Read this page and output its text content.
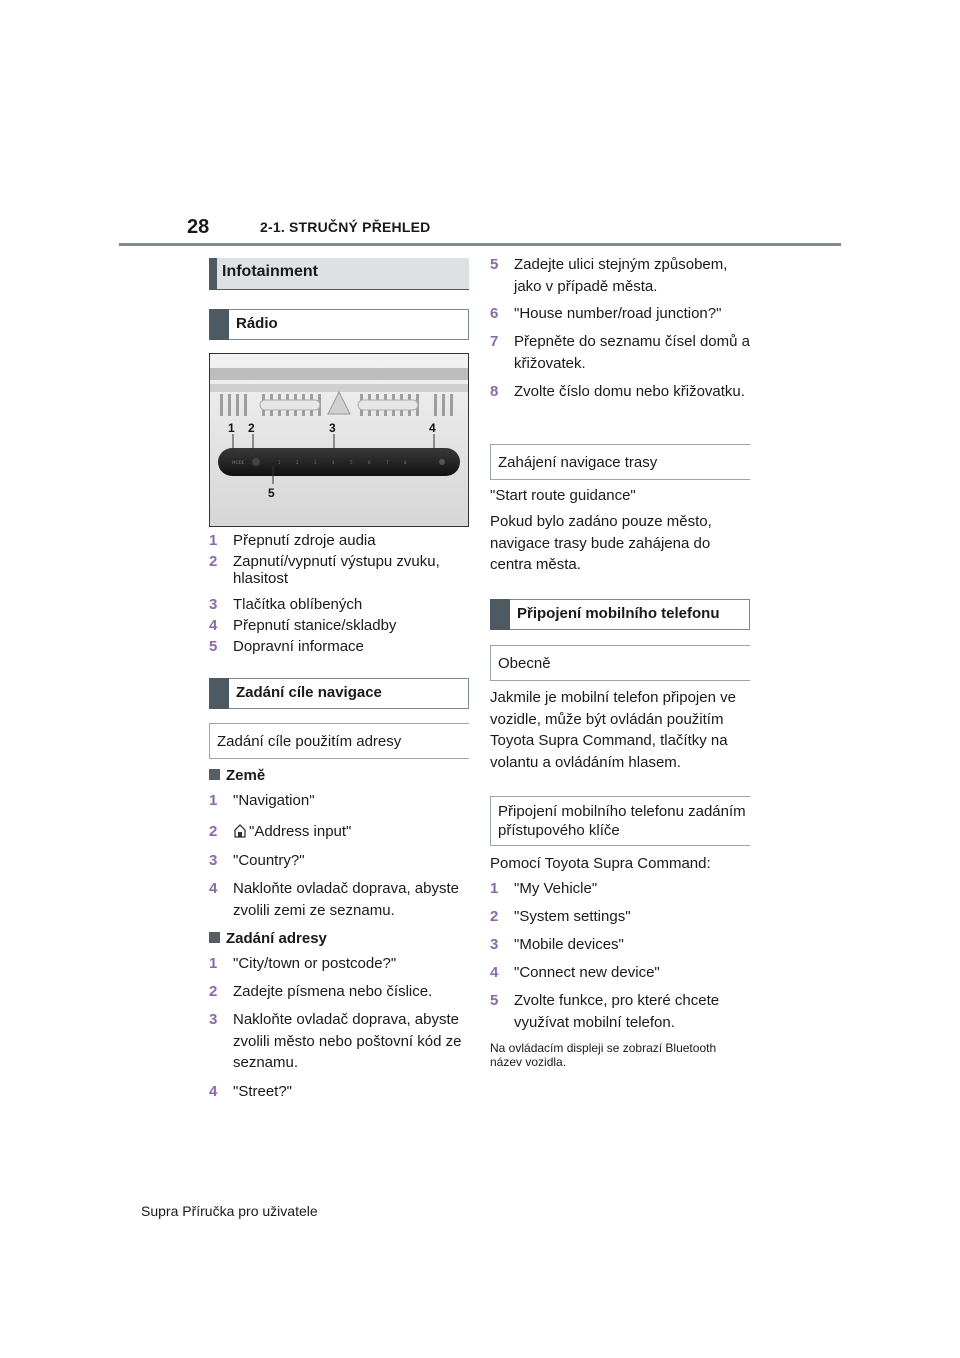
28	2-1. STRUČNÝ PŘEHLED
Infotainment
Rádio
MODE	1	2	3	4	5	6	7	8
1 2	3	4
5
1 Přepnutí zdroje audia
2 Zapnutí/vypnutí výstupu zvuku, hlasitost
3 Tlačítka oblíbených
4 Přepnutí stanice/skladby
5 Dopravní informace
Zadání cíle navigace
Zadání cíle použitím adresy
Země
1 "Navigation"
2	"Address input"
3 "Country?"
4 Nakloňte ovladač doprava, abyste zvolili zemi ze seznamu.
Zadání adresy
1 "City/town or postcode?"
2 Zadejte písmena nebo číslice.
3 Nakloňte ovladač doprava, abyste zvolili město nebo poštovní kód ze seznamu.
4 "Street?"
5 Zadejte ulici stejným způsobem, jako v případě města.
6 "House number/road junction?"
7 Přepněte do seznamu čísel domů a křižovatek.
8 Zvolte číslo domu nebo křižovatku.
Zahájení navigace trasy
"Start route guidance"
Pokud bylo zadáno pouze město, navigace trasy bude zahájena do centra města.
Připojení mobilního telefonu
Obecně
Jakmile je mobilní telefon připojen ve vozidle, může být ovládán použitím Toyota Supra Command, tlačítky na volantu a ovládáním hlasem.
Připojení mobilního telefonu zadáním přístupového klíče
Pomocí Toyota Supra Command:
1 "My Vehicle"
2 "System settings"
3 "Mobile devices"
4 "Connect new device"
5 Zvolte funkce, pro které chcete využívat mobilní telefon.
Na ovládacím displeji se zobrazí Bluetooth název vozidla.
Supra Příručka pro uživatele
